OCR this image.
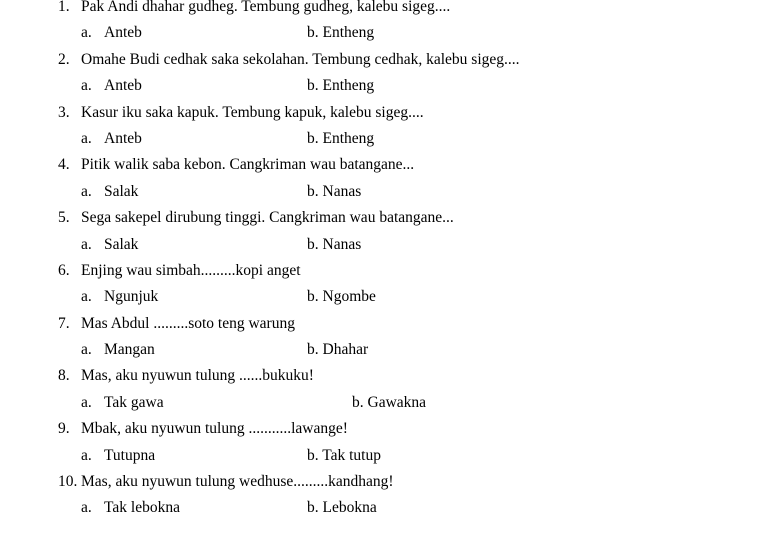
1. Pak Andi dhahar gudheg. Tembung gudheg, kalebu sigeg....
a. Anteb	b. Entheng
2. Omahe Budi cedhak saka sekolahan. Tembung cedhak, kalebu sigeg....
a. Anteb	b. Entheng
3. Kasur iku saka kapuk. Tembung kapuk, kalebu sigeg....
a. Anteb	b. Entheng
4. Pitik walik saba kebon. Cangkriman wau batangane...
a. Salak	b. Nanas
5. Sega sakepel dirubung tinggi. Cangkriman wau batangane...
a. Salak	b. Nanas
6. Enjing wau simbah.........kopi anget
a. Ngunjuk	b. Ngombe
7. Mas Abdul .........soto teng warung
a. Mangan	b. Dhahar
8. Mas, aku nyuwun tulung ......bukuku!
a. Tak gawa	b. Gawakna
9. Mbak, aku nyuwun tulung ...........lawange!
a. Tutupna	b. Tak tutup
10. Mas, aku nyuwun tulung wedhuse.........kandhang!
a. Tak lebokna	b. Lebokna
